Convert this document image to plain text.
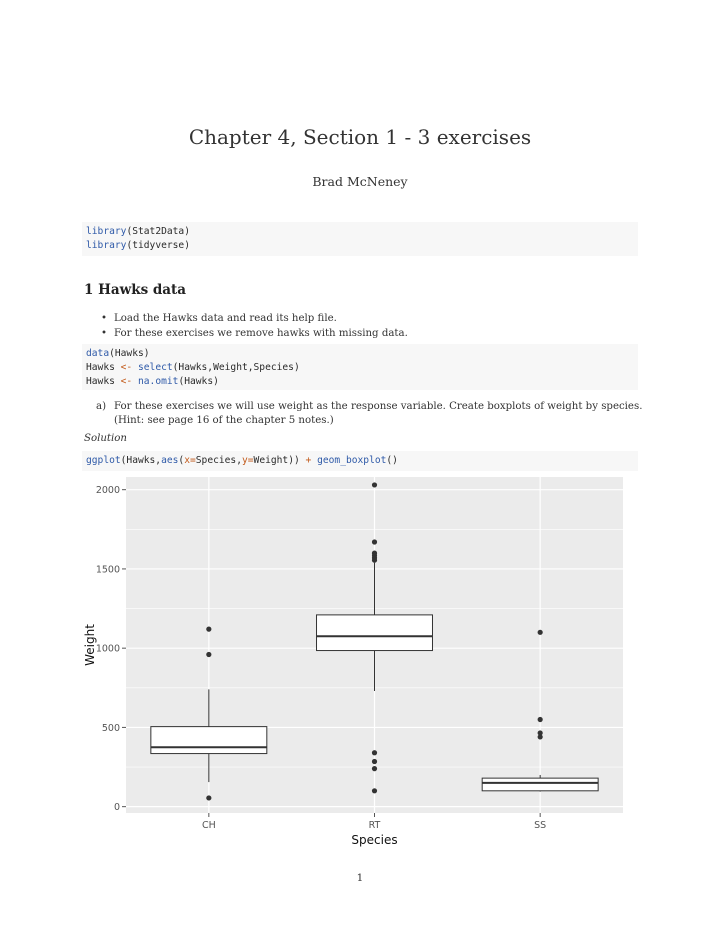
Chapter 4, Section 1 - 3 exercises
Brad McNeney
library(Stat2Data)
library(tidyverse)
1 Hawks data
• Load the Hawks data and read its help file.
• For these exercises we remove hawks with missing data.
data(Hawks)
Hawks <- select(Hawks,Weight,Species)
Hawks <- na.omit(Hawks)
a) For these exercises we will use weight as the response variable. Create boxplots of weight by species. (Hint: see page 16 of the chapter 5 notes.)
Solution
ggplot(Hawks,aes(x=Species,y=Weight)) + geom_boxplot()
0
500
1000
1500
2000
CH	RT	SS
Weight
Species
1
